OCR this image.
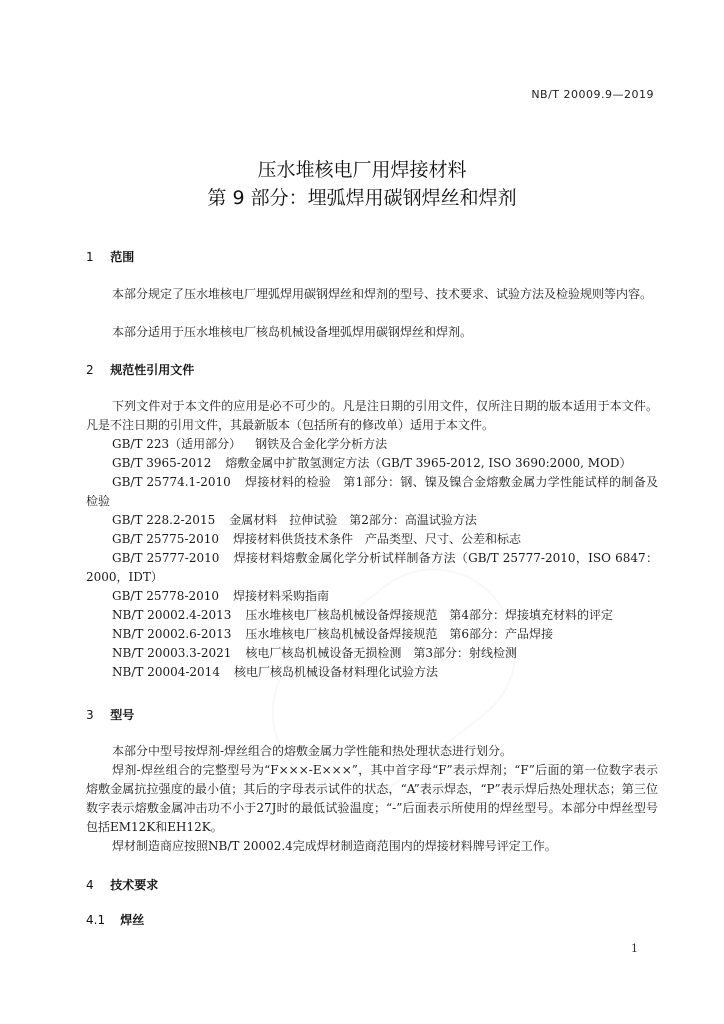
NB/T 20009.9—2019
压水堆核电厂用焊接材料
第 9 部分：埋弧焊用碳钢焊丝和焊剂
1 范围
本部分规定了压水堆核电厂埋弧焊用碳钢焊丝和焊剂的型号、技术要求、试验方法及检验规则等内容。
本部分适用于压水堆核电厂核岛机械设备埋弧焊用碳钢焊丝和焊剂。
2 规范性引用文件
下列文件对于本文件的应用是必不可少的。凡是注日期的引用文件，仅所注日期的版本适用于本文件。凡是不注日期的引用文件，其最新版本（包括所有的修改单）适用于本文件。
GB/T 223（适用部分） 钢铁及合金化学分析方法
GB/T 3965-2012 熔敷金属中扩散氢测定方法（GB/T 3965-2012, ISO 3690:2000, MOD）
GB/T 25774.1-2010 焊接材料的检验　第1部分：钢、镍及镍合金熔敷金属力学性能试样的制备及检验
GB/T 228.2-2015 金属材料　拉伸试验　第2部分：高温试验方法
GB/T 25775-2010 焊接材料供货技术条件　产品类型、尺寸、公差和标志
GB/T 25777-2010 焊接材料熔敷金属化学分析试样制备方法（GB/T 25777-2010，ISO 6847：2000，IDT）
GB/T 25778-2010 焊接材料采购指南
NB/T 20002.4-2013 压水堆核电厂核岛机械设备焊接规范　第4部分：焊接填充材料的评定
NB/T 20002.6-2013 压水堆核电厂核岛机械设备焊接规范　第6部分：产品焊接
NB/T 20003.3-2021 核电厂核岛机械设备无损检测　第3部分：射线检测
NB/T 20004-2014 核电厂核岛机械设备材料理化试验方法
3 型号
本部分中型号按焊剂-焊丝组合的熔敷金属力学性能和热处理状态进行划分。
焊剂-焊丝组合的完整型号为“F×××-E×××”，其中首字母“F”表示焊剂；“F”后面的第一位数字表示熔敷金属抗拉强度的最小值；其后的字母表示试件的状态，“A”表示焊态，“P”表示焊后热处理状态；第三位数字表示熔敷金属冲击功不小于27J时的最低试验温度；“-”后面表示所使用的焊丝型号。本部分中焊丝型号包括EM12K和EH12K。
焊材制造商应按照NB/T 20002.4完成焊材制造商范围内的焊接材料牌号评定工作。
4 技术要求
4.1 焊丝
1
